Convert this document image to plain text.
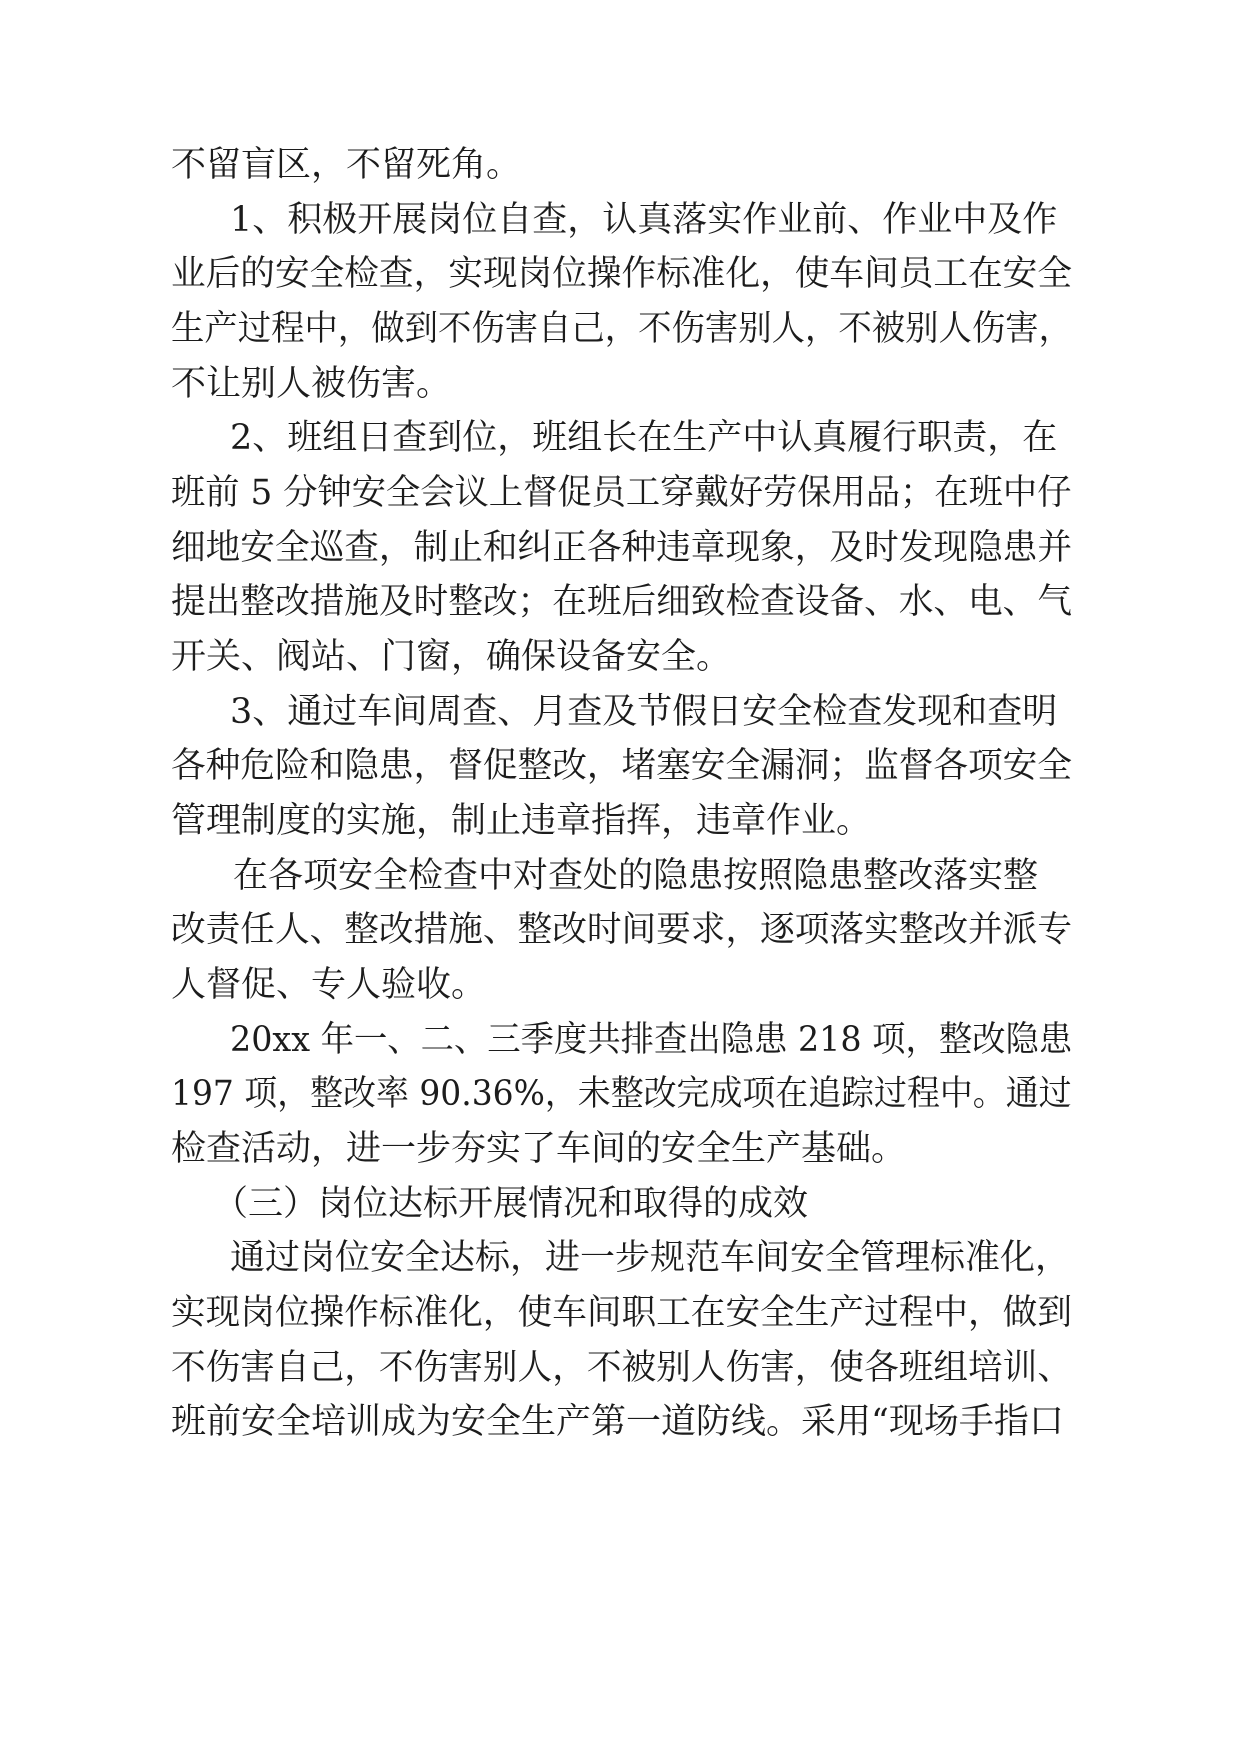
不留盲区，不留死角。
1、积极开展岗位自查，认真落实作业前、作业中及作
业后的安全检查，实现岗位操作标准化，使车间员工在安全
生产过程中，做到不伤害自己，不伤害别人，不被别人伤害，
不让别人被伤害。
2、班组日查到位，班组长在生产中认真履行职责，在
班前 5 分钟安全会议上督促员工穿戴好劳保用品；在班中仔
细地安全巡查，制止和纠正各种违章现象，及时发现隐患并
提出整改措施及时整改；在班后细致检查设备、水、电、气
开关、阀站、门窗，确保设备安全。
3、通过车间周查、月查及节假日安全检查发现和查明
各种危险和隐患，督促整改，堵塞安全漏洞；监督各项安全
管理制度的实施，制止违章指挥，违章作业。
在各项安全检查中对查处的隐患按照隐患整改落实整
改责任人、整改措施、整改时间要求，逐项落实整改并派专
人督促、专人验收。
20xx 年一、二、三季度共排查出隐患 218 项，整改隐患
197 项，整改率 90.36%，未整改完成项在追踪过程中。通过
检查活动，进一步夯实了车间的安全生产基础。
（三）岗位达标开展情况和取得的成效
通过岗位安全达标，进一步规范车间安全管理标准化，
实现岗位操作标准化，使车间职工在安全生产过程中，做到
不伤害自己，不伤害别人，不被别人伤害，使各班组培训、
班前安全培训成为安全生产第一道防线。采用“现场手指口
